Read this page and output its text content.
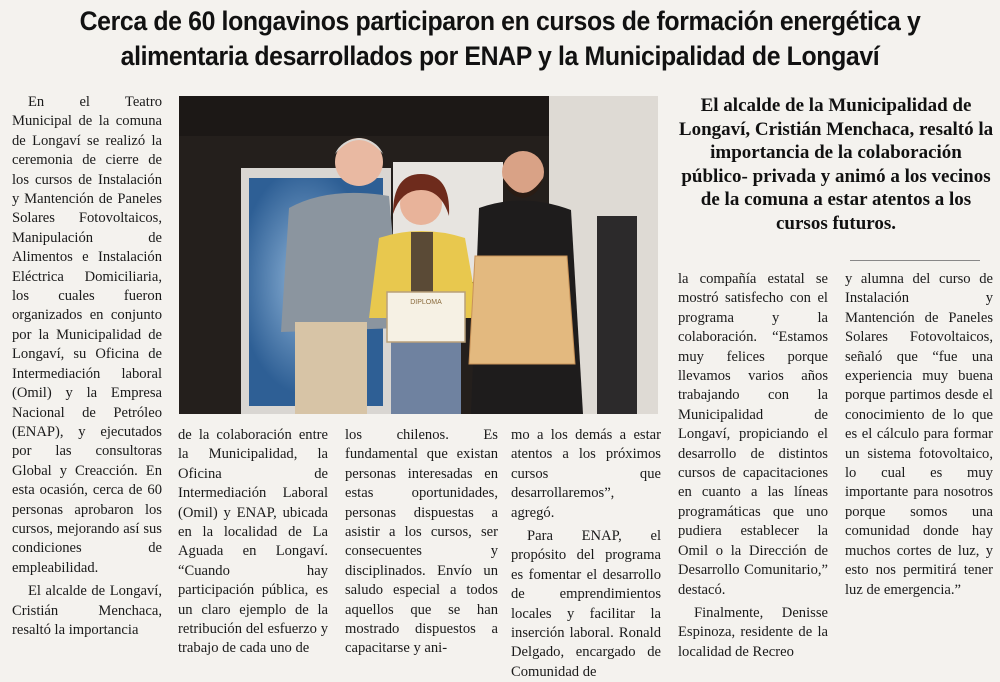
Cerca de 60 longavinos participaron en cursos de formación energética y
alimentaria desarrollados por ENAP y la Municipalidad de Longaví

En el Teatro Municipal de la comuna de Longaví se realizó la ceremonia de cierre de los cursos de Instalación y Mantención de Paneles Solares Fotovoltaicos, Manipulación de Alimentos e Instalación Eléctrica Domiciliaria, los cuales fueron organizados en conjunto por la Municipalidad de Longaví, su Oficina de Intermediación laboral (Omil) y la Empresa Nacional de Petróleo (ENAP), y ejecutados por las consultoras Global y Creacción. En esta ocasión, cerca de 60 personas aprobaron los cursos, mejorando así sus condiciones de empleabilidad.

El alcalde de Longaví, Cristián Menchaca, resaltó la importancia

DIPLOMA

El alcalde de la Municipalidad de Longaví, Cristián Menchaca, resaltó la importancia de la colaboración público- privada y animó a los vecinos de la comuna a estar atentos a los cursos futuros.

de la colaboración entre la Municipalidad, la Oficina de Intermediación Laboral (Omil) y ENAP, ubicada en la localidad de La Aguada en Longaví. “Cuando hay participación pública, es un claro ejemplo de la retribución del esfuerzo y trabajo de cada uno de

los chilenos. Es fundamental que existan personas interesadas en estas oportunidades, personas dispuestas a asistir a los cursos, ser consecuentes y disciplinados. Envío un saludo especial a todos aquellos que se han mostrado dispuestos a capacitarse y ani-

mo a los demás a estar atentos a los próximos cursos que desarrollaremos”, agregó.

Para ENAP, el propósito del programa es fomentar el desarrollo de emprendimientos locales y facilitar la inserción laboral. Ronald Delgado, encargado de Comunidad de

la compañía estatal se mostró satisfecho con el programa y la colaboración. “Estamos muy felices porque llevamos varios años trabajando con la Municipalidad de Longaví, propiciando el desarrollo de distintos cursos de capacitaciones en cuanto a las líneas programáticas que uno pudiera establecer la Omil o la Dirección de Desarrollo Comunitario,” destacó.

Finalmente, Denisse Espinoza, residente de la localidad de Recreo

y alumna del curso de Instalación y Mantención de Paneles Solares Fotovoltaicos, señaló que “fue una experiencia muy buena porque partimos desde el conocimiento de lo que es el cálculo para formar un sistema fotovoltaico, lo cual es muy importante para nosotros porque somos una comunidad donde hay muchos cortes de luz, y esto nos permitirá tener luz de emergencia.”
